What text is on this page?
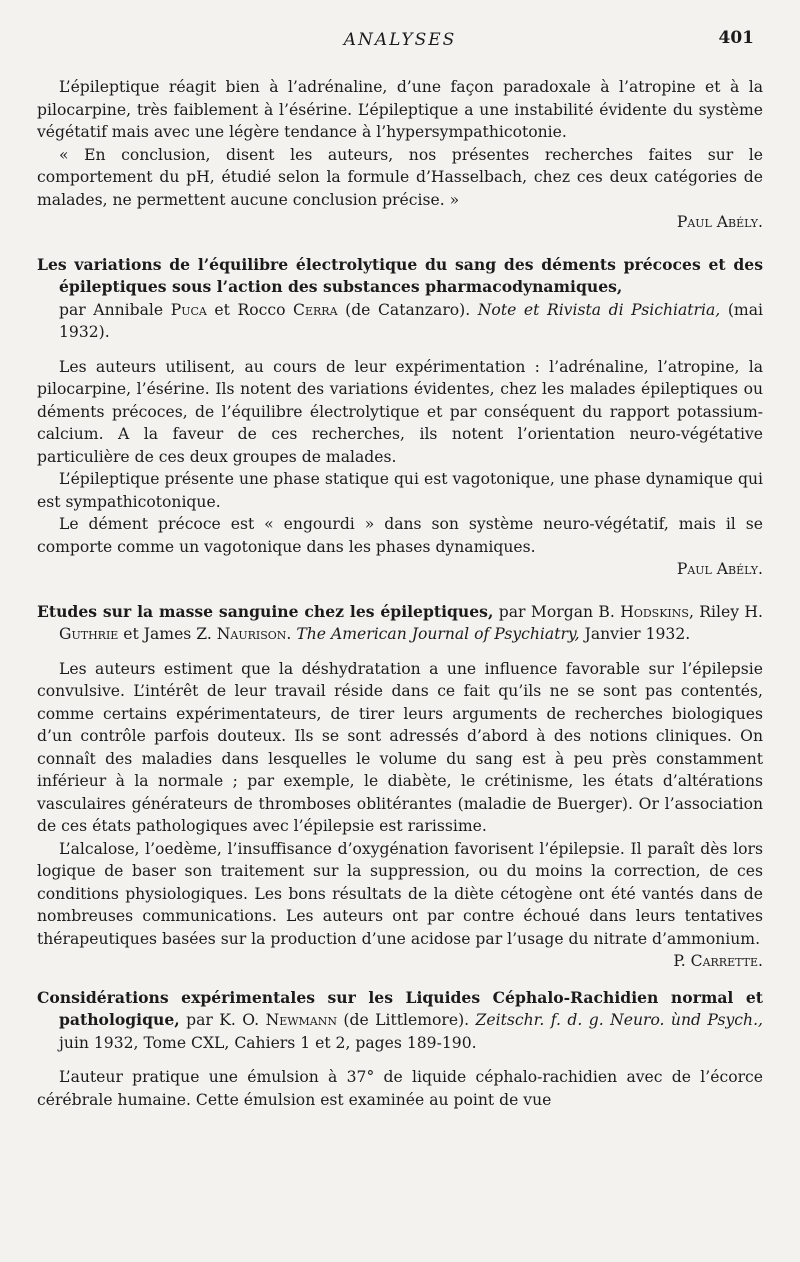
ANALYSES	401

L’épileptique réagit bien à l’adrénaline, d’une façon paradoxale à l’atropine et à la pilocarpine, très faiblement à l’ésérine. L’épileptique a une instabilité évidente du système végétatif mais avec une légère tendance à l’hypersympathicotonie.

« En conclusion, disent les auteurs, nos présentes recherches faites sur le comportement du pH, étudié selon la formule d’Hasselbach, chez ces deux catégories de malades, ne permettent aucune conclusion précise. »

Paul Abély.
Les variations de l’équilibre électrolytique du sang des déments précoces et des épileptiques sous l’action des substances pharmacodynamiques,
par Annibale Puca et Rocco Cerra (de Catanzaro). Note et Rivista di Psichiatria, (mai 1932).

Les auteurs utilisent, au cours de leur expérimentation : l’adrénaline, l’atropine, la pilocarpine, l’ésérine. Ils notent des variations évidentes, chez les malades épileptiques ou déments précoces, de l’équilibre électrolytique et par conséquent du rapport potassium-calcium. A la faveur de ces recherches, ils notent l’orientation neuro-végétative particulière de ces deux groupes de malades.

L’épileptique présente une phase statique qui est vagotonique, une phase dynamique qui est sympathicotonique.

Le dément précoce est « engourdi » dans son système neuro-végétatif, mais il se comporte comme un vagotonique dans les phases dynamiques.

Paul Abély.
Etudes sur la masse sanguine chez les épileptiques, par Morgan B. Hodskins, Riley H. Guthrie et James Z. Naurison. The American Journal of Psychiatry, Janvier 1932.

Les auteurs estiment que la déshydratation a une influence favorable sur l’épilepsie convulsive. L’intérêt de leur travail réside dans ce fait qu’ils ne se sont pas contentés, comme certains expérimentateurs, de tirer leurs arguments de recherches biologiques d’un contrôle parfois douteux. Ils se sont adressés d’abord à des notions cliniques. On connaît des maladies dans lesquelles le volume du sang est à peu près constamment inférieur à la normale ; par exemple, le diabète, le crétinisme, les états d’altérations vasculaires générateurs de thromboses oblitérantes (maladie de Buerger). Or l’association de ces états pathologiques avec l’épilepsie est rarissime.

L’alcalose, l’oedème, l’insuffisance d’oxygénation favorisent l’épilepsie. Il paraît dès lors logique de baser son traitement sur la suppression, ou du moins la correction, de ces conditions physiologiques. Les bons résultats de la diète cétogène ont été vantés dans de nombreuses communications. Les auteurs ont par contre échoué dans leurs tentatives thérapeutiques basées sur la production d’une acidose par l’usage du nitrate d’ammonium.

P. Carrette.
Considérations expérimentales sur les Liquides Céphalo-Rachidien normal et pathologique, par K. O. Newmann (de Littlemore). Zeitschr. f. d. g. Neuro. ùnd Psych., juin 1932, Tome CXL, Cahiers 1 et 2, pages 189-190.

L’auteur pratique une émulsion à 37° de liquide céphalo-rachidien avec de l’écorce cérébrale humaine. Cette émulsion est examinée au point de vue
